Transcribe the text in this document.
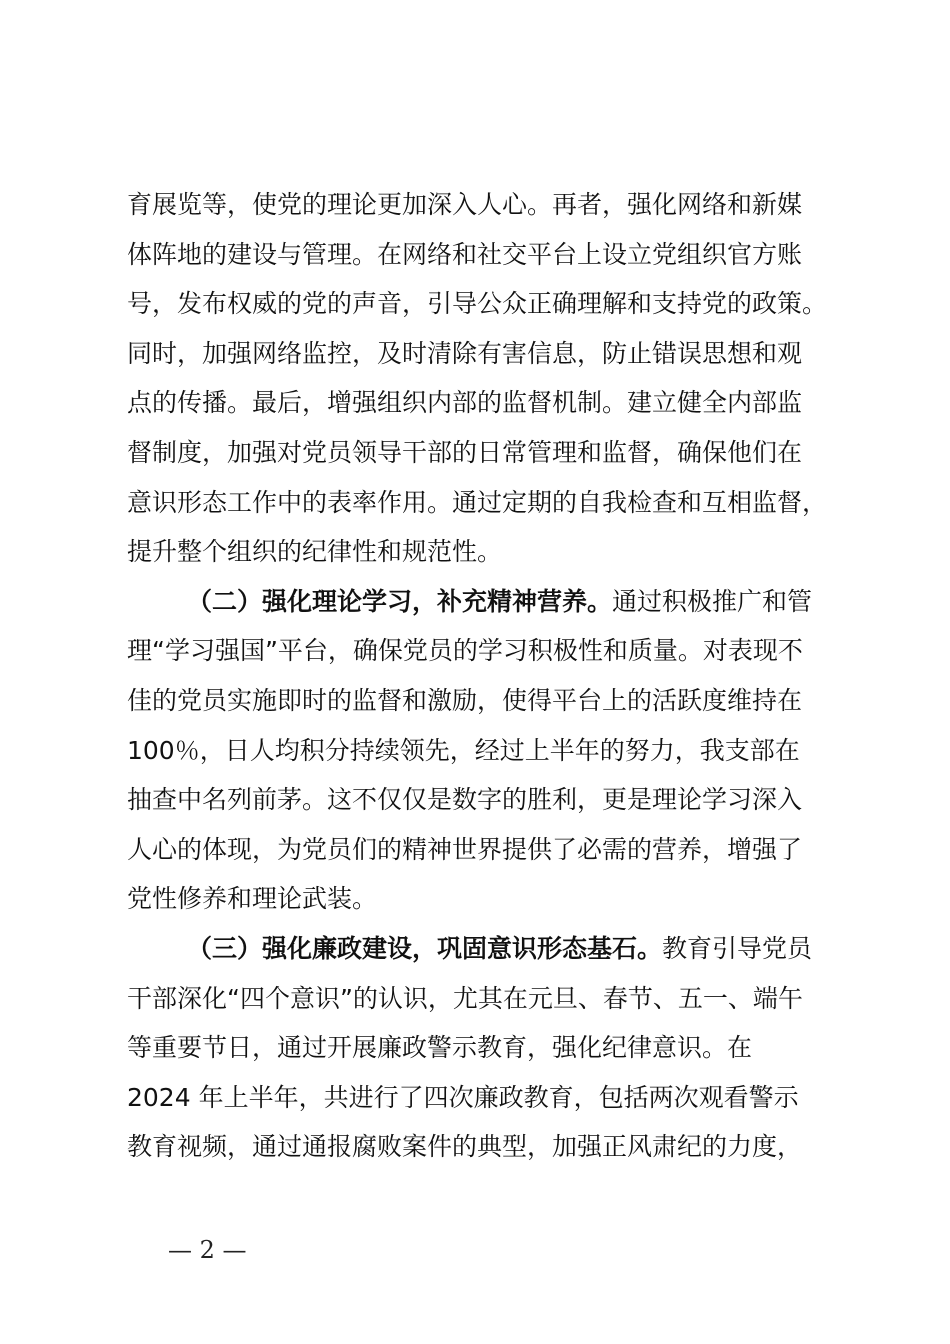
育展览等，使党的理论更加深入人心。再者，强化网络和新媒
体阵地的建设与管理。在网络和社交平台上设立党组织官方账
号，发布权威的党的声音，引导公众正确理解和支持党的政策。
同时，加强网络监控，及时清除有害信息，防止错误思想和观
点的传播。最后，增强组织内部的监督机制。建立健全内部监
督制度，加强对党员领导干部的日常管理和监督，确保他们在
意识形态工作中的表率作用。通过定期的自我检查和互相监督，
提升整个组织的纪律性和规范性。
（二）强化理论学习，补充精神营养。通过积极推广和管
理“学习强国”平台，确保党员的学习积极性和质量。对表现不
佳的党员实施即时的监督和激励，使得平台上的活跃度维持在
100％，日人均积分持续领先，经过上半年的努力，我支部在
抽查中名列前茅。这不仅仅是数字的胜利，更是理论学习深入
人心的体现，为党员们的精神世界提供了必需的营养，增强了
党性修养和理论武装。
（三）强化廉政建设，巩固意识形态基石。教育引导党员
干部深化“四个意识”的认识，尤其在元旦、春节、五一、端午
等重要节日，通过开展廉政警示教育，强化纪律意识。在
2024 年上半年，共进行了四次廉政教育，包括两次观看警示
教育视频，通过通报腐败案件的典型，加强正风肃纪的力度，
— 2 —
